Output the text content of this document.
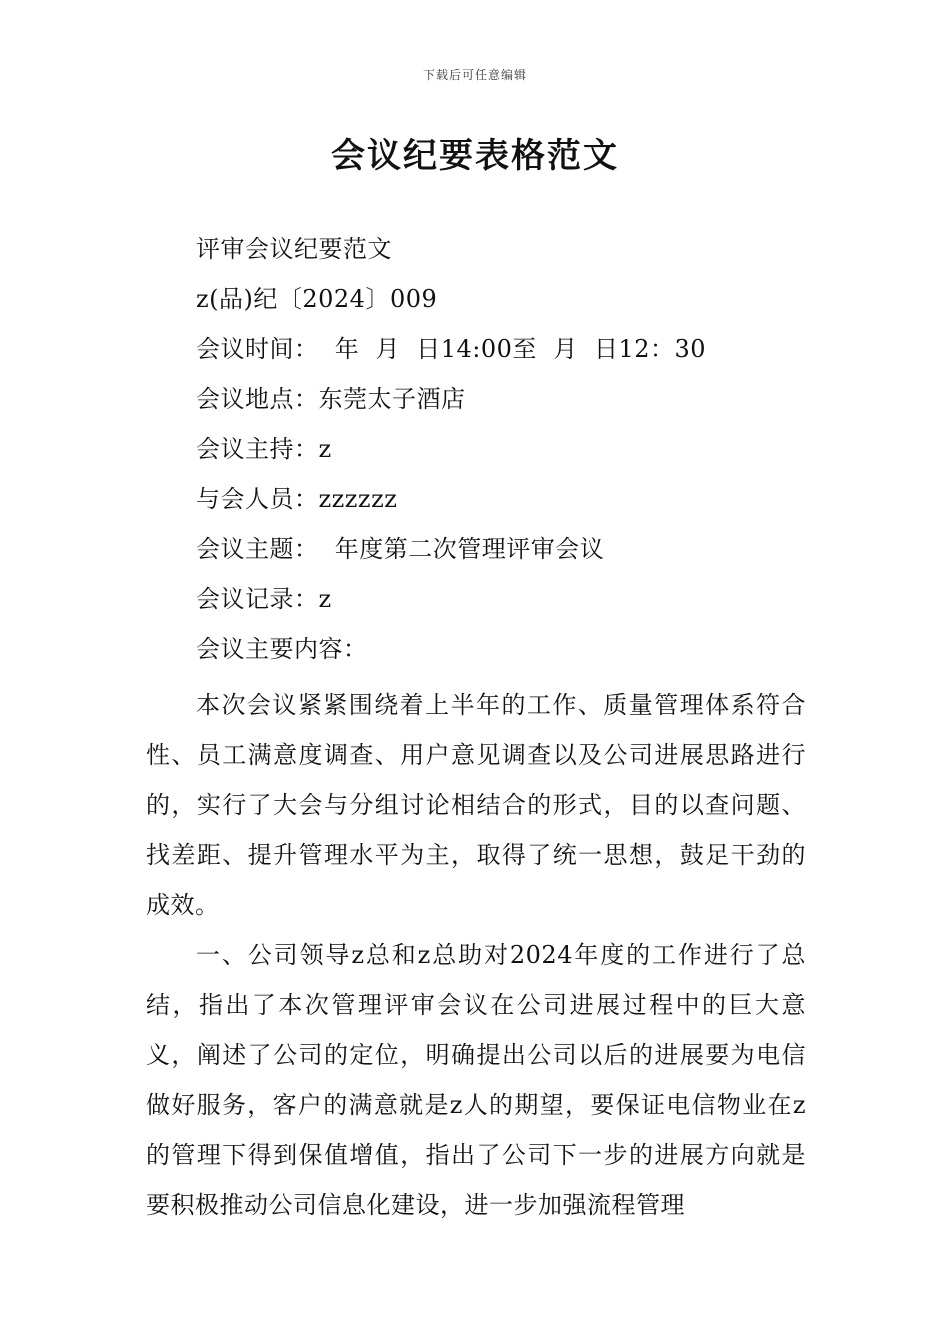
下载后可任意编辑
会议纪要表格范文
评审会议纪要范文
z(品)纪〔2024〕009
会议时间：  年  月  日14:00至  月  日12：30
会议地点：东莞太子酒店
会议主持：z
与会人员：zzzzzz
会议主题：  年度第二次管理评审会议
会议记录：z
会议主要内容：

本次会议紧紧围绕着上半年的工作、质量管理体系符合性、员工满意度调查、用户意见调查以及公司进展思路进行的，实行了大会与分组讨论相结合的形式，目的以查问题、找差距、提升管理水平为主，取得了统一思想，鼓足干劲的成效。

一、公司领导z总和z总助对2024年度的工作进行了总结，指出了本次管理评审会议在公司进展过程中的巨大意义，阐述了公司的定位，明确提出公司以后的进展要为电信做好服务，客户的满意就是z人的期望，要保证电信物业在z的管理下得到保值增值，指出了公司下一步的进展方向就是要积极推动公司信息化建设，进一步加强流程管理
